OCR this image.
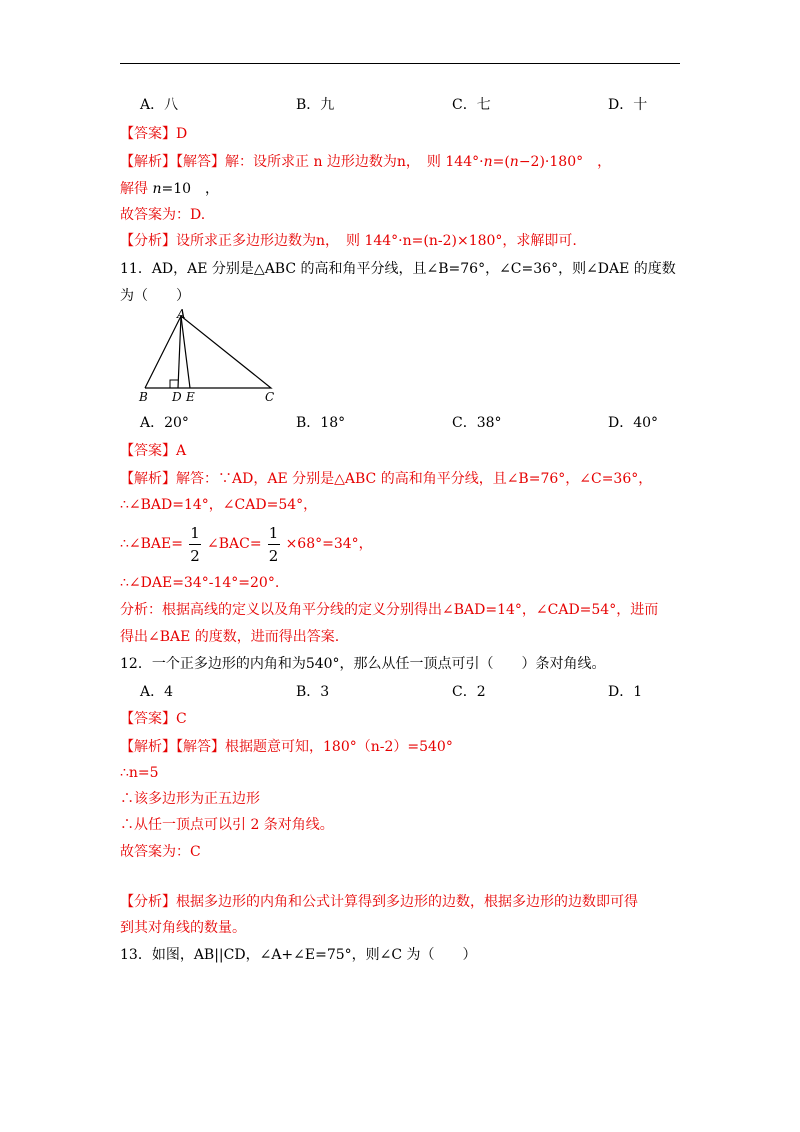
A．八	B．九	C．七	D．十
【答案】D
【解析】【解答】解：设所求正 n 边形边数为n，　则 144°·n=(n−2)·180°　，
解得 n=10　，
故答案为：D.
【分析】设所求正多边形边数为n，　则 144°·n=(n-2)×180°，求解即可.
11．AD，AE 分别是△ABC 的高和角平分线，且∠B=76°，∠C=36°，则∠DAE 的度数
为（　　）
A
B D E	C
A．20°	B．18°	C．38°	D．40°
【答案】A
【解析】解答：∵AD，AE 分别是△ABC 的高和角平分线，且∠B=76°，∠C=36°，
∴∠BAD=14°，∠CAD=54°，
∴∠BAE= $\frac{1}{2}$ ∠BAC= $\frac{1}{2} \times 68^\circ=34^\circ$，
∴∠DAE=34°-14°=20°.
分析：根据高线的定义以及角平分线的定义分别得出∠BAD=14°，∠CAD=54°，进而
得出∠BAE 的度数，进而得出答案.
12．一个正多边形的内角和为540°，那么从任一顶点可引（　　）条对角线。
A．4	B．3	C．2	D．1
【答案】C
【解析】【解答】根据题意可知，180°（n-2）=540°
∴n=5
∴该多边形为正五边形
∴从任一顶点可以引 2 条对角线。
故答案为：C
【分析】根据多边形的内角和公式计算得到多边形的边数，根据多边形的边数即可得
到其对角线的数量。
13．如图，AB||CD，∠A+∠E=75°，则∠C 为（　　）
